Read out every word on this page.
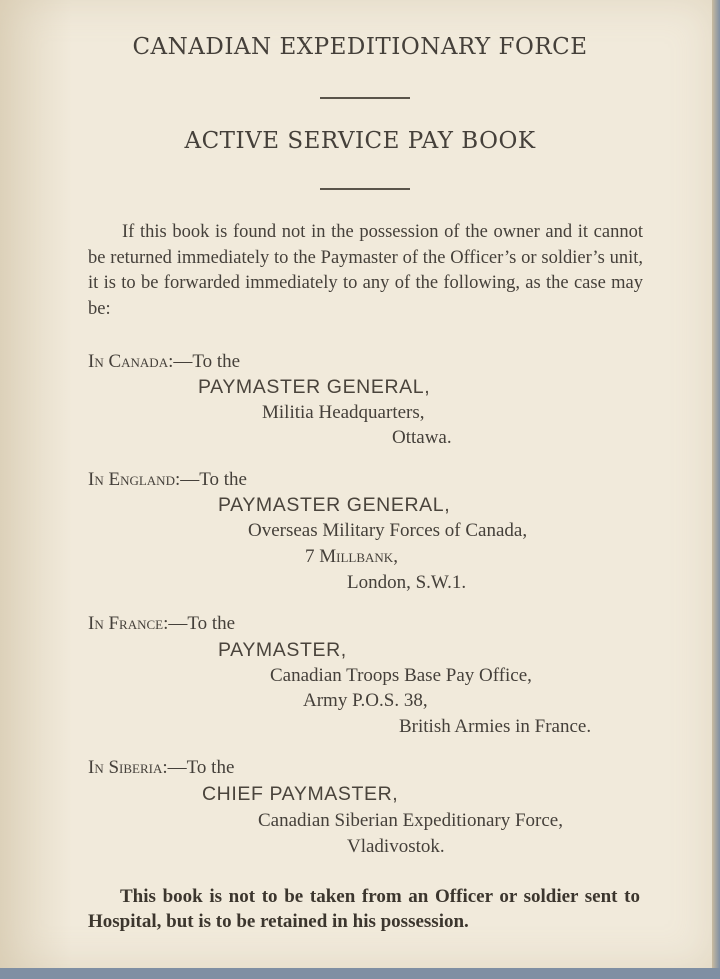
CANADIAN EXPEDITIONARY FORCE
ACTIVE SERVICE PAY BOOK
If this book is found not in the possession of the owner and it cannot be returned immediately to the Paymaster of the Officer’s or soldier’s unit, it is to be forwarded immediately to any of the following, as the case may be:
In Canada:—To the
PAYMASTER GENERAL,
Militia Headquarters,
Ottawa.
In England:—To the
PAYMASTER GENERAL,
Overseas Military Forces of Canada,
7 Millbank,
London, S.W.1.
In France:—To the
PAYMASTER,
Canadian Troops Base Pay Office,
Army P.O.S. 38,
British Armies in France.
In Siberia:—To the
CHIEF PAYMASTER,
Canadian Siberian Expeditionary Force,
Vladivostok.
This book is not to be taken from an Officer or soldier sent to Hospital, but is to be retained in his possession.
